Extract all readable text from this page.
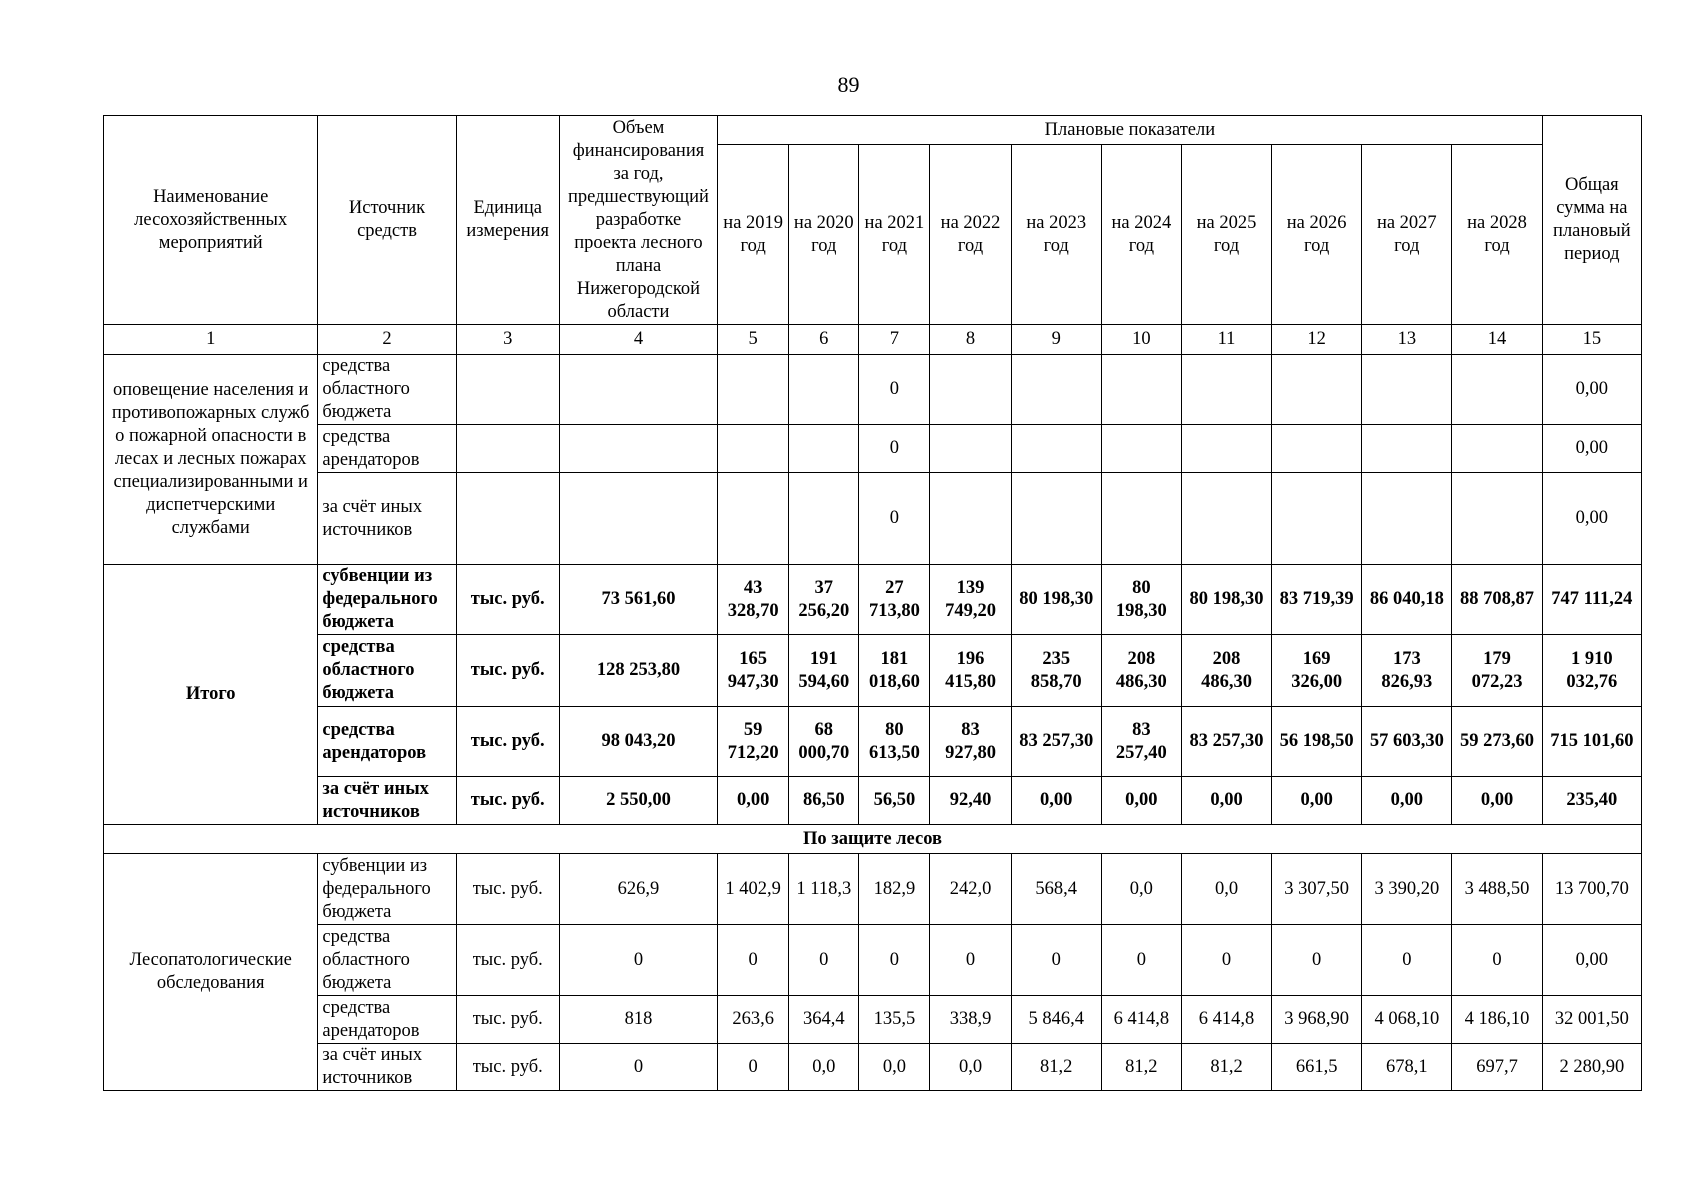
89
Наименование лесохозяйственных мероприятий	Источник средств	Единица измерения	Объем финансирования за год, предшествующий разработке проекта лесного плана Нижегородской области	Плановые показатели										Общая сумма на плановый период
				на 2019 год	на 2020 год	на 2021 год	на 2022 год	на 2023 год	на 2024 год	на 2025 год	на 2026 год	на 2027 год	на 2028 год	
1	2	3	4	5	6	7	8	9	10	11	12	13	14	15
оповещение населения и противопожарных служб о пожарной опасности в лесах и лесных пожарах специализированными и диспетчерскими службами	средства областного бюджета					0								0,00
	средства арендаторов					0								0,00
	за счёт иных источников					0								0,00
Итого	субвенции из федерального бюджета	тыс. руб.	73 561,60	43 328,70	37 256,20	27 713,80	139 749,20	80 198,30	80 198,30	80 198,30	83 719,39	86 040,18	88 708,87	747 111,24
	средства областного бюджета	тыс. руб.	128 253,80	165 947,30	191 594,60	181 018,60	196 415,80	235 858,70	208 486,30	208 486,30	169 326,00	173 826,93	179 072,23	1 910 032,76
	средства арендаторов	тыс. руб.	98 043,20	59 712,20	68 000,70	80 613,50	83 927,80	83 257,30	83 257,40	83 257,30	56 198,50	57 603,30	59 273,60	715 101,60
	за счёт иных источников	тыс. руб.	2 550,00	0,00	86,50	56,50	92,40	0,00	0,00	0,00	0,00	0,00	0,00	235,40
По защите лесов														
Лесопатологические обследования	субвенции из федерального бюджета	тыс. руб.	626,9	1 402,9	1 118,3	182,9	242,0	568,4	0,0	0,0	3 307,50	3 390,20	3 488,50	13 700,70
	средства областного бюджета	тыс. руб.	0	0	0	0	0	0	0	0	0	0	0	0,00
	средства арендаторов	тыс. руб.	818	263,6	364,4	135,5	338,9	5 846,4	6 414,8	6 414,8	3 968,90	4 068,10	4 186,10	32 001,50
	за счёт иных источников	тыс. руб.	0	0	0,0	0,0	0,0	81,2	81,2	81,2	661,5	678,1	697,7	2 280,90
